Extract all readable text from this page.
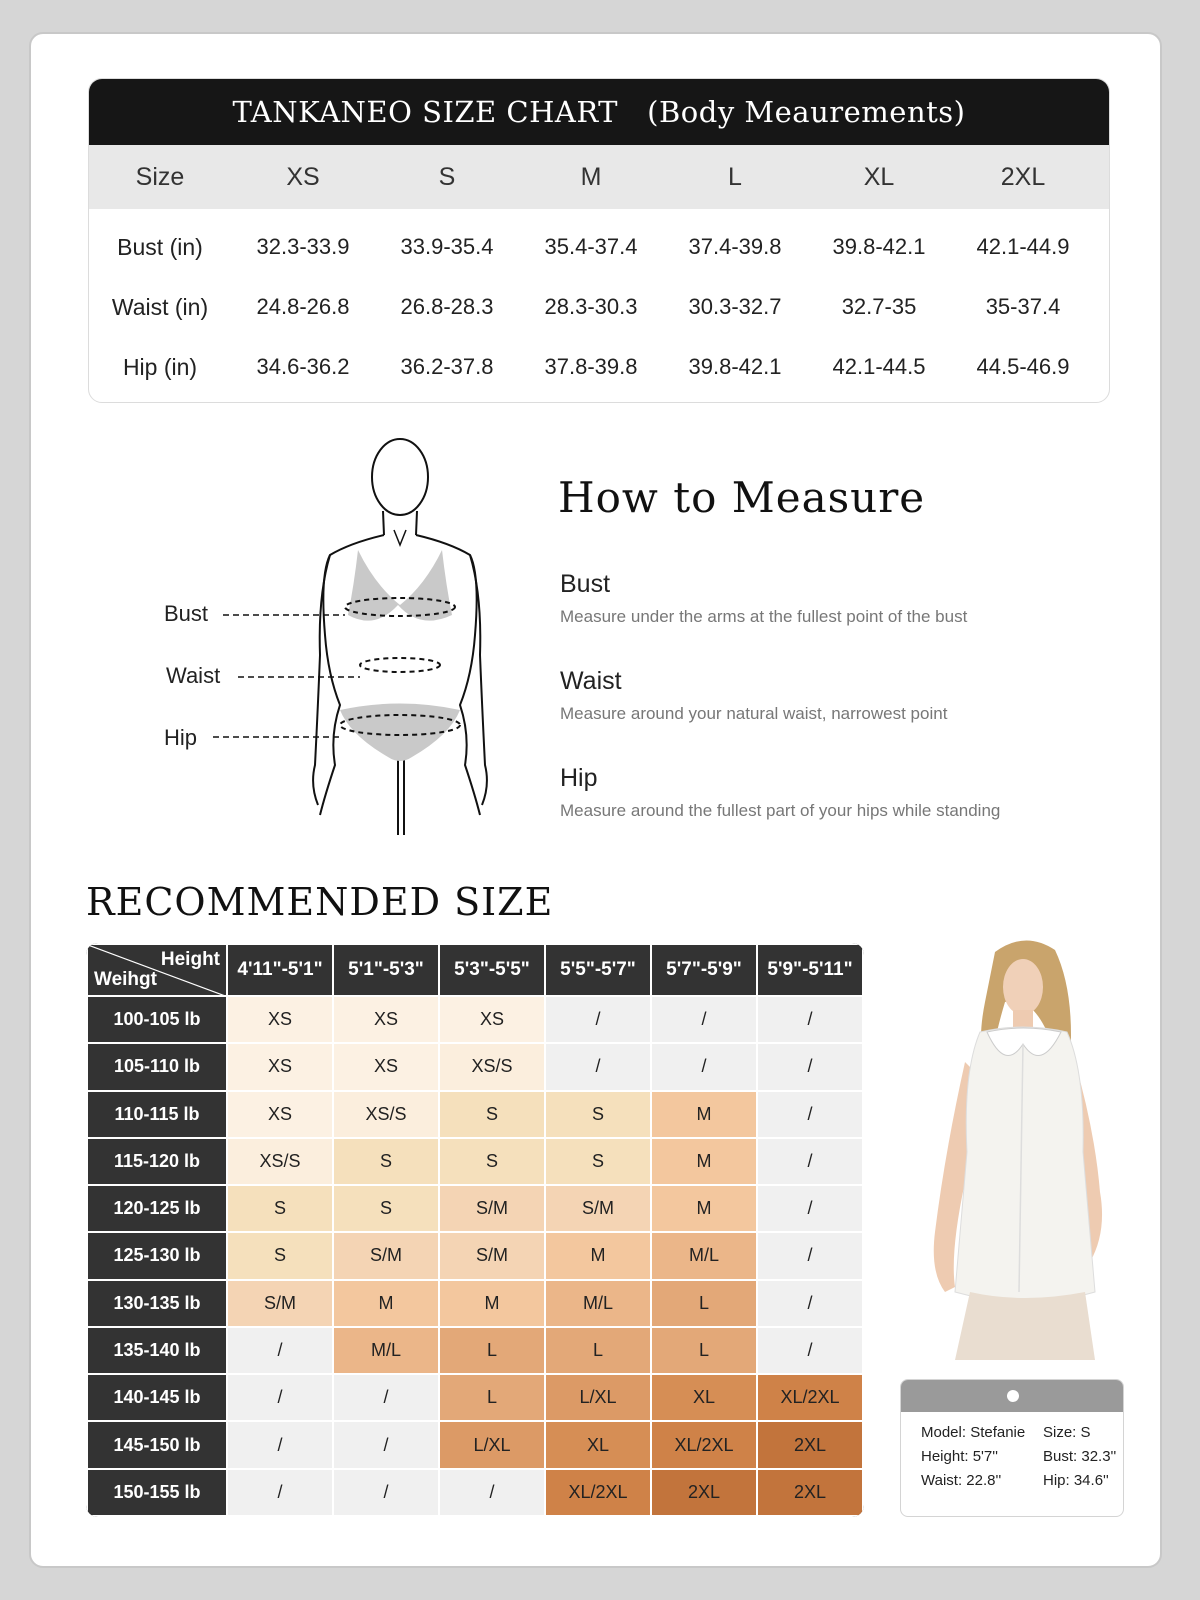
TANKANEO SIZE CHART   (Body Meaurements)
Size	XS	S	M	L	XL	2XL
Bust (in)	32.3-33.9	33.9-35.4	35.4-37.4	37.4-39.8	39.8-42.1	42.1-44.9
Waist (in)	24.8-26.8	26.8-28.3	28.3-30.3	30.3-32.7	32.7-35	35-37.4
Hip (in)	34.6-36.2	36.2-37.8	37.8-39.8	39.8-42.1	42.1-44.5	44.5-46.9
Bust
Waist
Hip
How to Measure
Bust
Measure under the arms at the fullest point of the bust
Waist
Measure around your natural waist, narrowest point
Hip
Measure around the fullest part of your hips while standing
RECOMMENDED SIZE
Height
Weihgt	4'11"-5'1"	5'1"-5'3"	5'3"-5'5"	5'5"-5'7"	5'7"-5'9"	5'9"-5'11"
100-105 lb	XS	XS	XS	/	/	/
105-110 lb	XS	XS	XS/S	/	/	/
110-115 lb	XS	XS/S	S	S	M	/
115-120 lb	XS/S	S	S	S	M	/
120-125 lb	S	S	S/M	S/M	M	/
125-130 lb	S	S/M	S/M	M	M/L	/
130-135 lb	S/M	M	M	M/L	L	/
135-140 lb	/	M/L	L	L	L	/
140-145 lb	/	/	L	L/XL	XL	XL/2XL
145-150 lb	/	/	L/XL	XL	XL/2XL	2XL
150-155 lb	/	/	/	XL/2XL	2XL	2XL
Model: Stefanie	Size: S
Height: 5'7''	Bust: 32.3''
Waist: 22.8''	Hip: 34.6''
